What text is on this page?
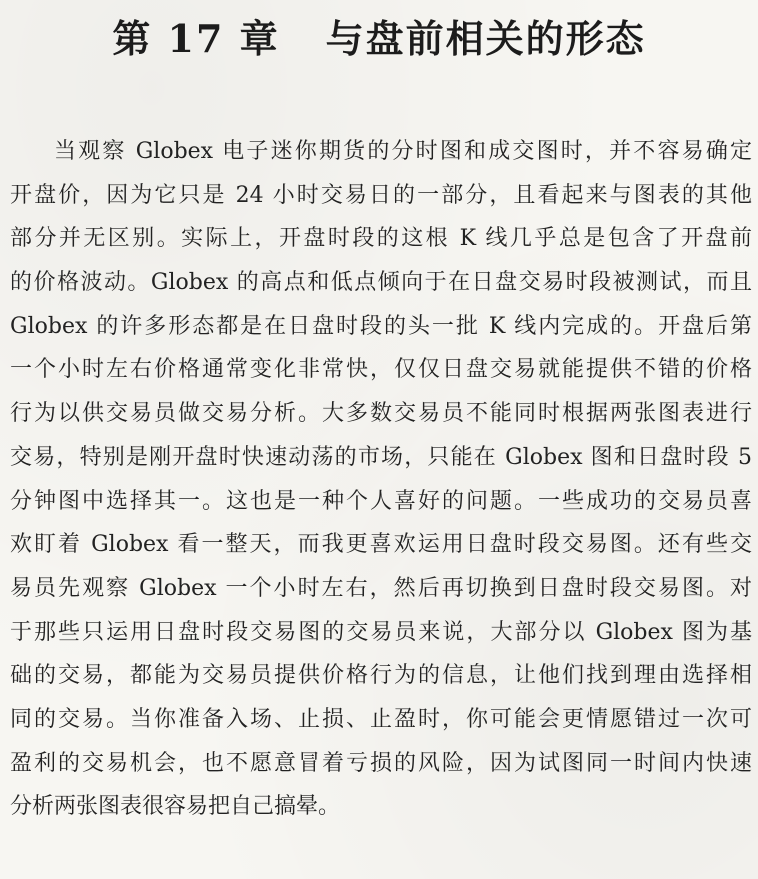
第 17 章 与盘前相关的形态
当观察 Globex 电子迷你期货的分时图和成交图时，并不容易确定
开盘价，因为它只是 24 小时交易日的一部分，且看起来与图表的其他
部分并无区别。实际上，开盘时段的这根 K 线几乎总是包含了开盘前
的价格波动。Globex 的高点和低点倾向于在日盘交易时段被测试，而且
Globex 的许多形态都是在日盘时段的头一批 K 线内完成的。开盘后第
一个小时左右价格通常变化非常快，仅仅日盘交易就能提供不错的价格
行为以供交易员做交易分析。大多数交易员不能同时根据两张图表进行
交易，特别是刚开盘时快速动荡的市场，只能在 Globex 图和日盘时段 5
分钟图中选择其一。这也是一种个人喜好的问题。一些成功的交易员喜
欢盯着 Globex 看一整天，而我更喜欢运用日盘时段交易图。还有些交
易员先观察 Globex 一个小时左右，然后再切换到日盘时段交易图。对
于那些只运用日盘时段交易图的交易员来说，大部分以 Globex 图为基
础的交易，都能为交易员提供价格行为的信息，让他们找到理由选择相
同的交易。当你准备入场、止损、止盈时，你可能会更情愿错过一次可
盈利的交易机会，也不愿意冒着亏损的风险，因为试图同一时间内快速
分析两张图表很容易把自己搞晕。
